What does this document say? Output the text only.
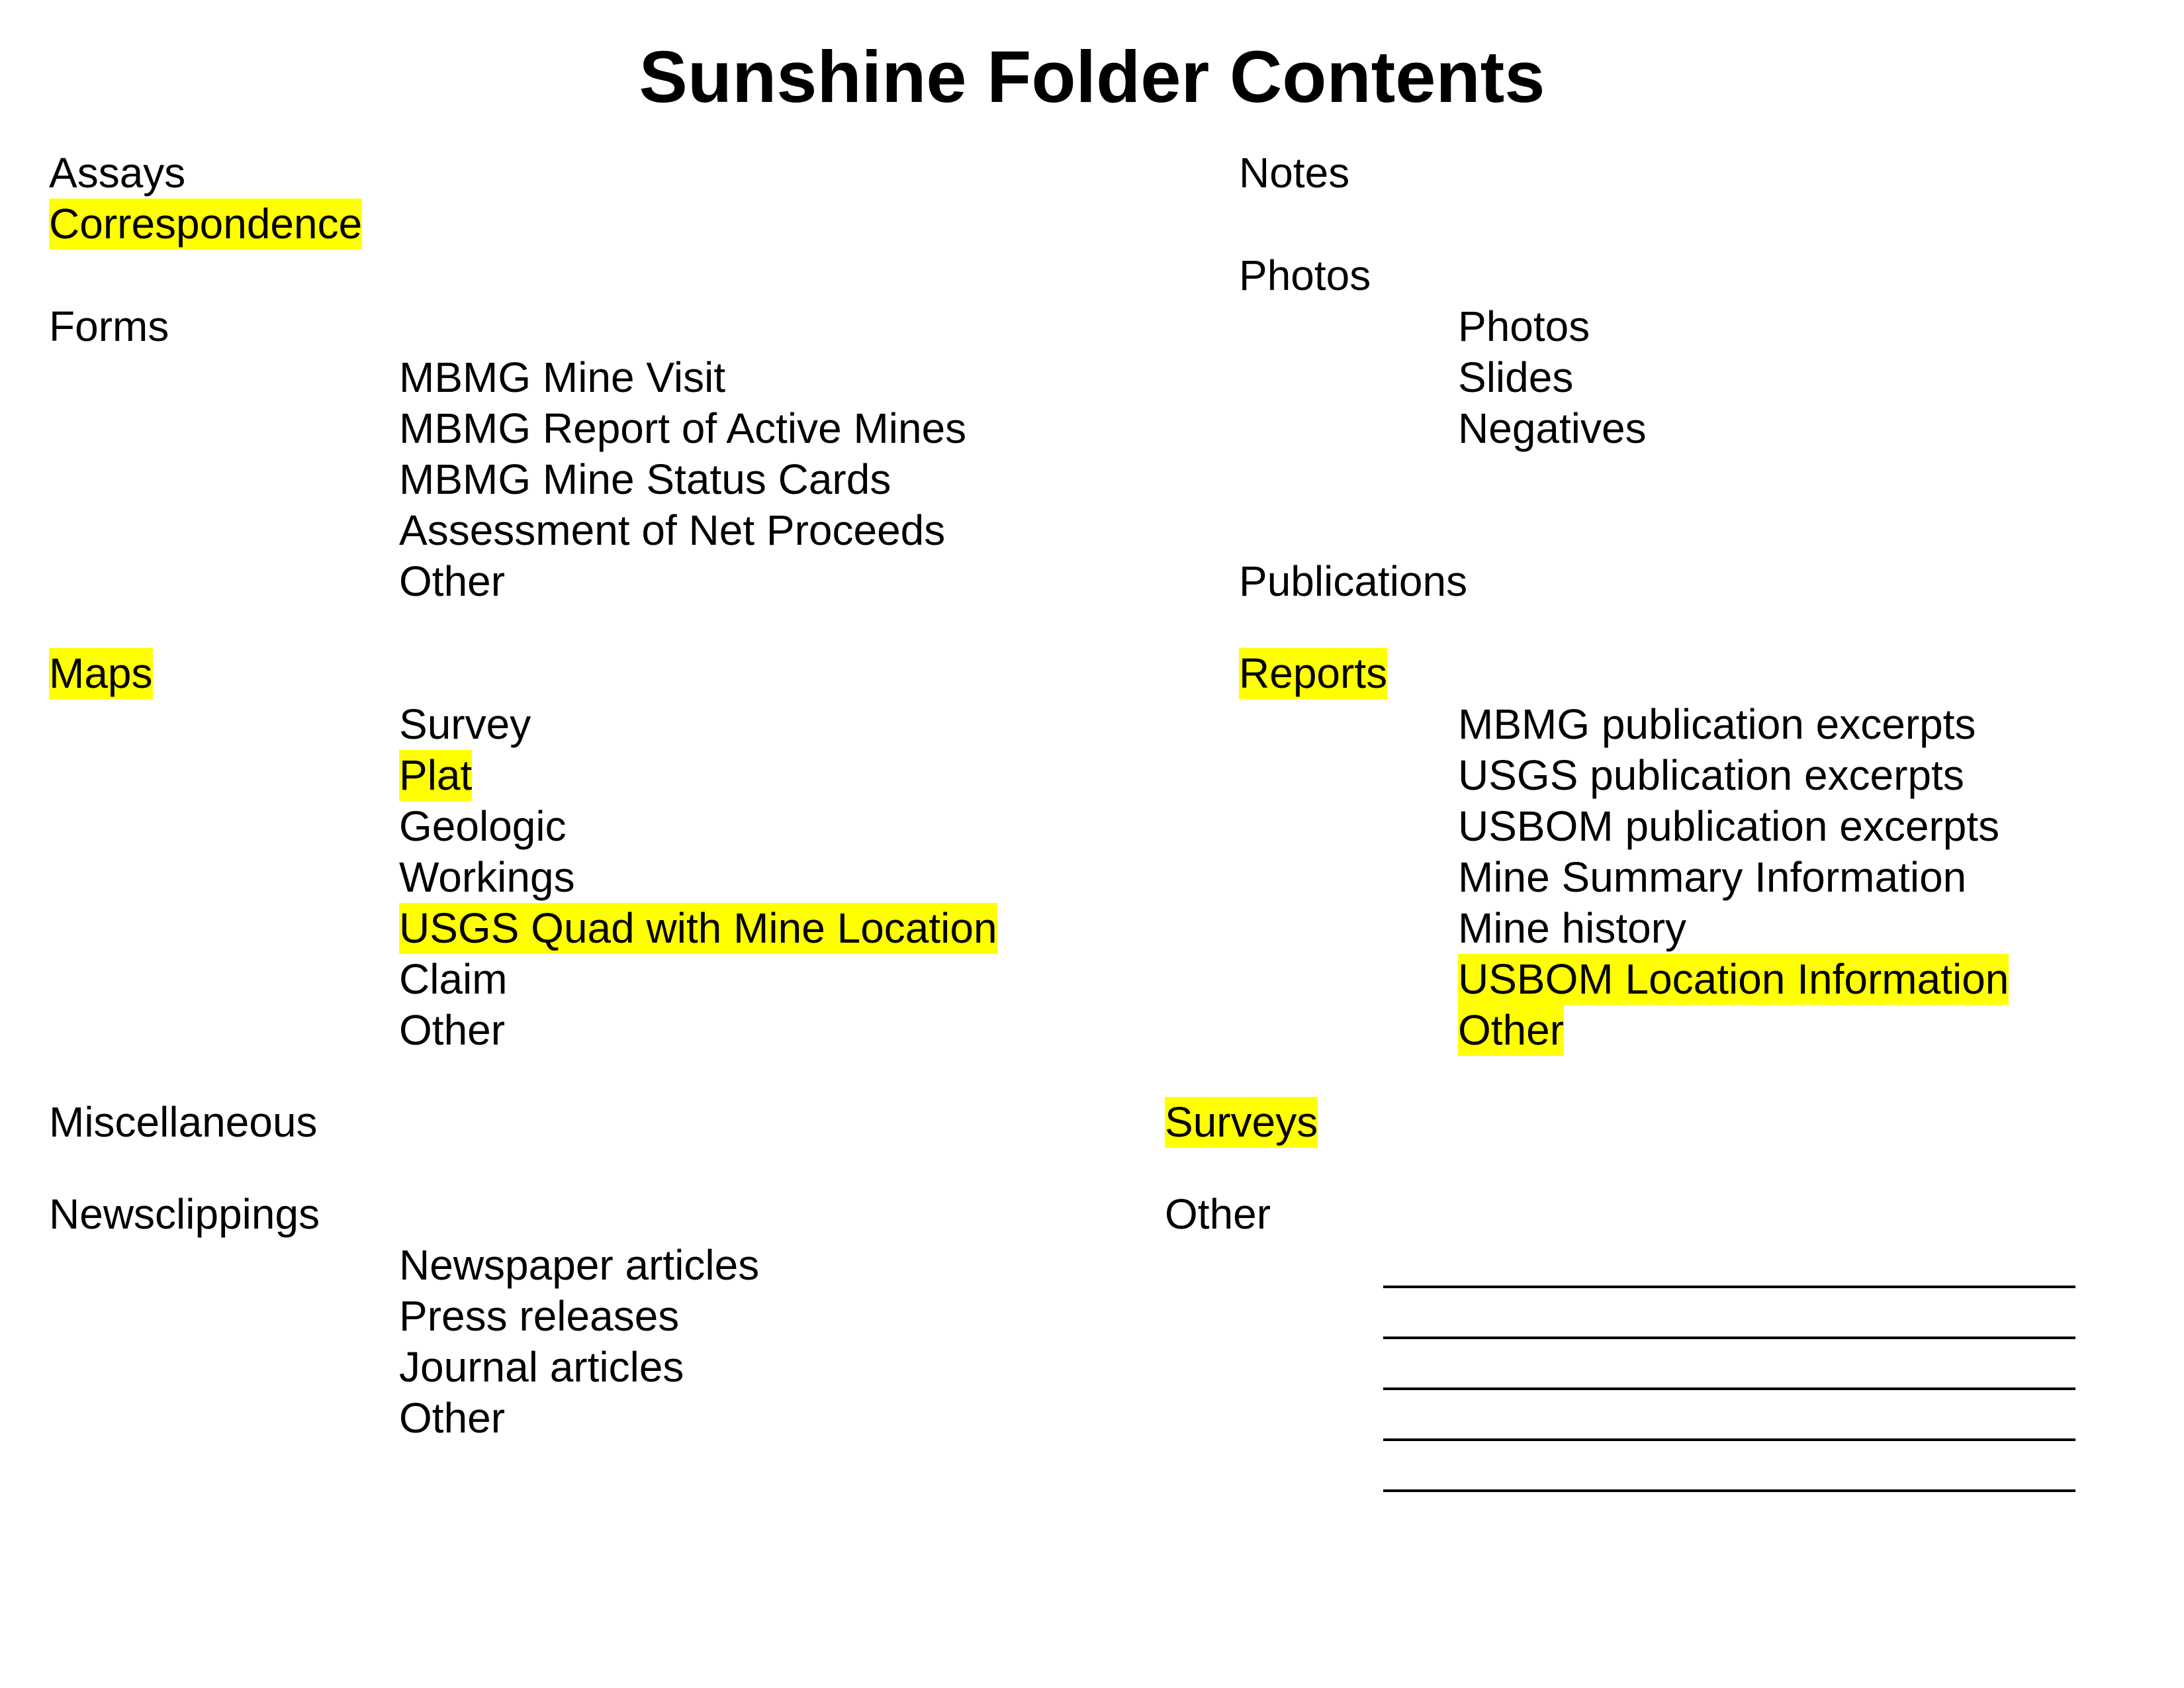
Sunshine Folder Contents
Assays
Correspondence
Forms
MBMG Mine Visit
MBMG Report of Active Mines
MBMG Mine Status Cards
Assessment of Net Proceeds
Other
Maps
Survey
Plat
Geologic
Workings
USGS Quad with Mine Location
Claim
Other
Miscellaneous
Newsclippings
Newspaper articles
Press releases
Journal articles
Other
Notes
Photos
Photos
Slides
Negatives
Publications
Reports
MBMG publication excerpts
USGS publication excerpts
USBOM publication excerpts
Mine Summary Information
Mine history
USBOM Location Information
Other
Surveys
Other
